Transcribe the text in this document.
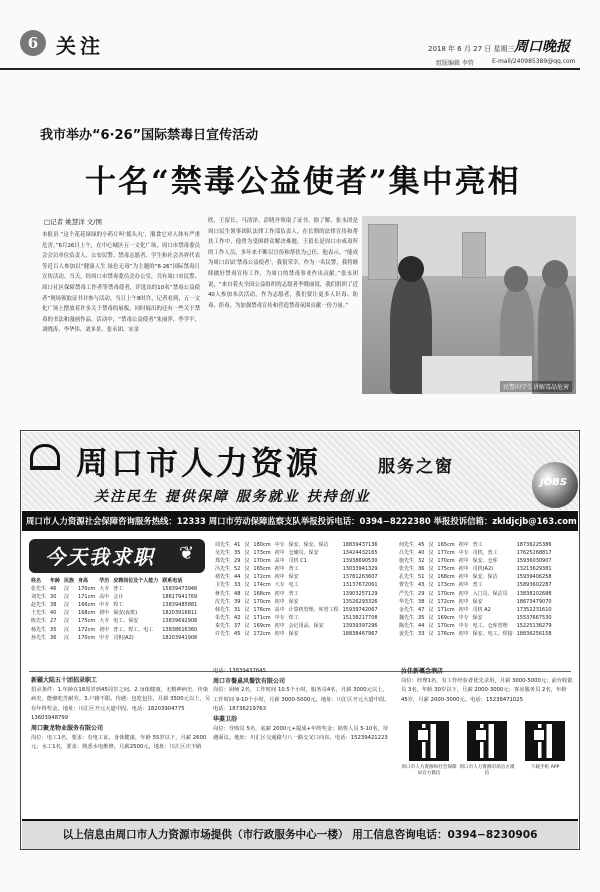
6 关注	2018 年 6 月 27 日 星期三 周口晚报
组版编辑 李管	E-mail/240985389@qq.com
我市举办“6·26”国际禁毒日宣传活动
十名“禁毒公益使者”集中亮相
□记者 姚慧洋 文/图
本报讯 “这个花花绿绿的小药片叫‘摇头丸’，服食它对人体有严重危害。”6月26日上午，在中心城区五一文化广场，周口市禁毒委员会会员单位负责人、公安民警、禁毒志愿者、学生和社会各界代表等近百人参加以“健康人生 绿色无毒”为主题的“6·26”国际禁毒日宣传活动。当天，经周口市禁毒委员会办公室，共有周口市民警、周口社区保障禁毒工作者等禁毒使者，评选出的10名“禁毒公益使者”现场领取证书并参与活动。当日上午8时许，记者看到，五一文化广场上摆放着许多关于禁毒的展板，同时展出的还有一些关于禁毒的书法和漫画作品。活动中，“禁毒公益使者”朱丽萍、李学平、刘晓涛、李华伟、刘多景、张永团、宋金
欣、王留长、马清泽、彭晓丹领取了证书。据了解，张永团是周口民生领事团队法律工作部负责人，在长期的法律宣传和帮扶工作中，他曾为受困群众解决难题。王留长是周口市戒毒所的工作人员，多年来不断以宣传和帮扶为己任，他表示，“能成为周口首届‘禁毒公益使者’，我很荣幸。作为一名民警，我将继续做好禁毒宣传工作，为周口的禁毒事业作出贡献。”张永团说，“来自着火全国公益组织的志愿者李晓丽说，我们组织了近40人参加本次活动，作为志愿者，我们要让更多人识毒、防毒、拒毒，为加强禁毒宣传和营造禁毒氛围贡献一份力量。”
民警向学生讲解毒品危害
周口市人力资源	服务之窗
关注民生 提供保障 服务就业 扶持创业
JOBS
周口市人力资源社会保障咨询服务热线：12333 周口市劳动保障监察支队举报投诉电话：0394−8222380 举报投诉信箱：zkldjcjb@163.com
今天我求职 ❦
姓名	年龄	民族	身高	学历	应聘岗位及个人能力	联系电话
张先生	46	汉	170cm	大专	普工	15839473948
刘先生	30	汉	171cm	高中	会计	18617941769
赵先生	38	汉	166cm	中专	焊工	13839485881
王先生	40	汉	168cm	初中	保安(夜班)	18203916811
陈先生	27	汉	175cm	大专	电工、保安	13839692908
杨先生	35	汉	172cm	初中	普工、焊工、电工	13838616360
孙先生	36	汉	170cm	中专	司机(A2)	18203941908
周先生	41	汉	180cm	中专	保安、保安、保洁	18839437136
吴先生	35	汉	173cm	初中	仓储员、保安	13424432165
郑先生	29	汉	170cm	高中	司机 C1	13938690530
冯先生	52	汉	165cm	初中	普工	13033941329
褚先生	44	汉	172cm	初中	保安	13781263607
卫先生	33	汉	174cm	大专	电工	13137672061
蒋先生	48	汉	168cm	初中	普工	13903257129
沈先生	39	汉	170cm	初中	保安	13526293326
韩先生	31	汉	176cm	高中	计算机管理、库管工程	15939742067
朱先生	42	汉	171cm	中专	焊工	15138217708
秦先生	37	汉	169cm	初中	会记用品、保安	13939397296
许先生	45	汉	172cm	初中	保安	18838467967
何先生	45	汉	165cm	初中	普工	18736225386
吕先生	40	汉	177cm	中专	司机、普工	17625268817
施先生	32	汉	170cm	初中	保安、仓库	15936030907
张先生	36	汉	175cm	初中	司机(A2)	13213629381
孔先生	51	汉	168cm	初中	保安、保洁	15939406258
曹先生	43	汉	173cm	初中	普工	15893602287
严先生	29	汉	170cm	初中	入门员、保洁员	13838202688
华先生	38	汉	172cm	初中	保安	18673479070
金先生	47	汉	171cm	初中	司机 A2	17352231610
魏先生	35	汉	169cm	中专	保安	15537667530
陶先生	44	汉	170cm	中专	电工、仓库管理	15225136279
姜先生	33	汉	176cm	初中	保安、电工、焊接	18836256158
新疆大陆五十团招录职工
招录条件：1.年龄在18周岁到45周岁之间。2.身体健康，无精神病史、传染病史，能够吃苦耐劳。3.户籍不限。待遇：包吃包住，月薪 3500元以上，另有年终奖金。地址：川汇区开元大道中段。电话：18203904775 13603948799
周口聚龙物业服务有限公司
岗位：电工1名，要求：有电工证，身体健康，年龄 55岁以下，月薪 2600元；水工1名，要求：熟悉水电维修，月薪2500元。地址：川汇区庆丰路
电话：13839437645
周口市餐桌风餐饮有限公司
岗位：厨师 2名，工作时间 10.5个小时，服务员4名，月薪 3000元以上，工作时间 9-10个小时，月薪 3000-5000元。地址：川汇区开元大道中段。电话：18736219763
华菱卫浴
岗位：导购员 5名，底薪 2000元+提成+年终奖金；销售人员 5-10名，待遇面议。地址：川汇区交通路与八一路交叉口向东。电话：15239421223
汝佳新概念酒店
岗位：经理1名，有工作经验者优先录用，月薪 3000-5000元；前台收银员 3名，年龄 30岁以下，月薪 2000-3000元；客房服务员 2名，年龄 45岁，月薪 2000-3000元。电话：15238471025
周口市人力资源和社会保障局官方微信
周口市人力资源市场官方微信
下载手机 APP
以上信息由周口市人力资源市场提供（市行政服务中心一楼） 用工信息咨询电话：0394−8230906
